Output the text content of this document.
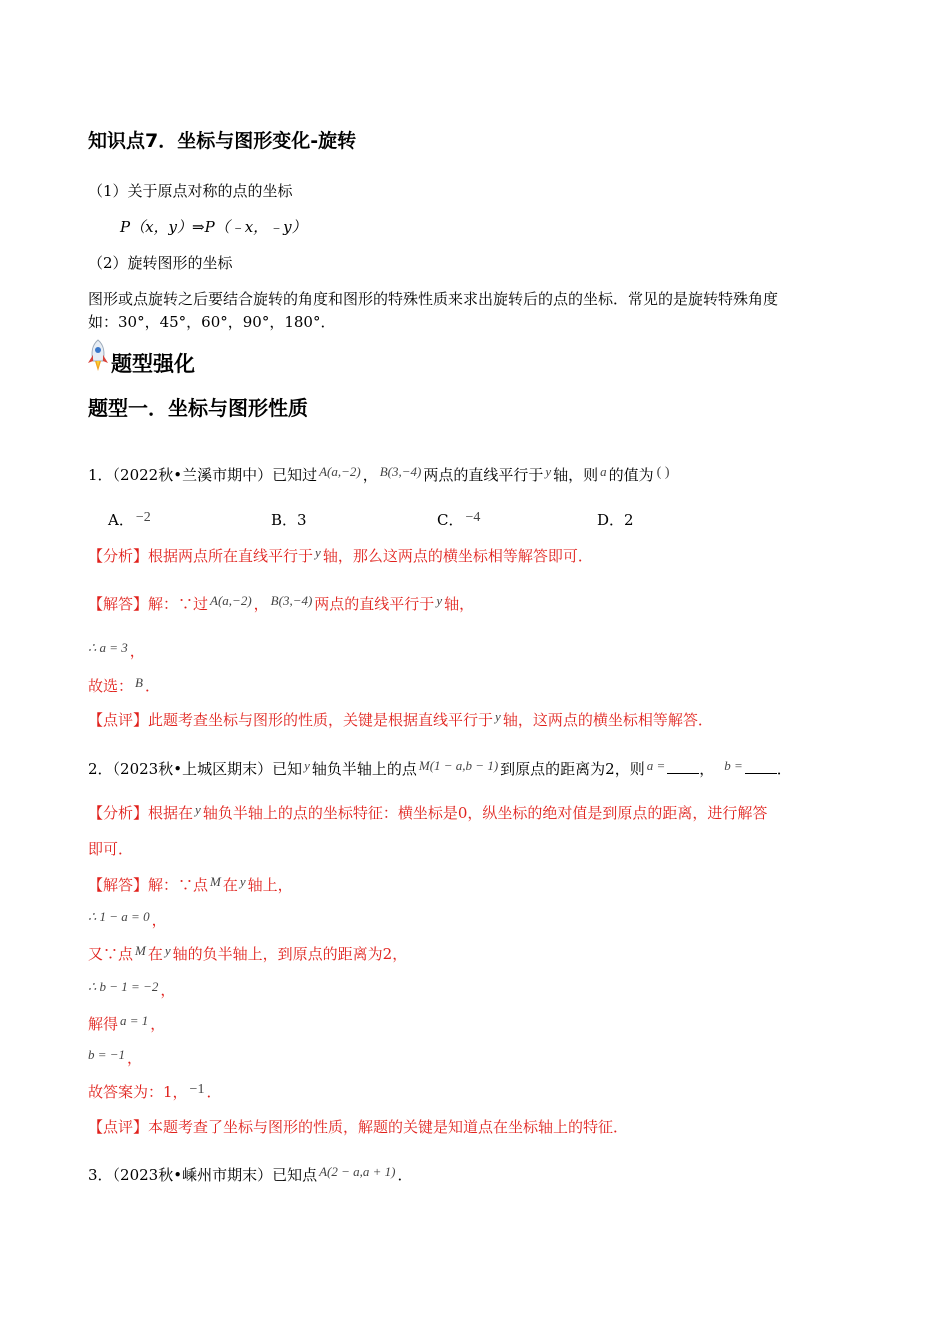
知识点7．坐标与图形变化-旋转
（1）关于原点对称的点的坐标
P（x，y）⇒P（﹣x，﹣y）
（2）旋转图形的坐标
图形或点旋转之后要结合旋转的角度和图形的特殊性质来求出旋转后的点的坐标．常见的是旋转特殊角度
如：30°，45°，60°，90°，180°．
题型强化
题型一．坐标与图形性质
1．（2022秋•兰溪市期中）已知过 A(a,−2) ， B(3,−4) 两点的直线平行于 y 轴，则 a 的值为 ( )
A． −2	B．3	C． −4	D．2
【分析】根据两点所在直线平行于 y 轴，那么这两点的横坐标相等解答即可．
【解答】解：∵过 A(a,−2) ， B(3,−4) 两点的直线平行于 y 轴，
∴ a = 3 ，
故选： B ．
【点评】此题考查坐标与图形的性质，关键是根据直线平行于 y 轴，这两点的横坐标相等解答．
2．（2023秋•上城区期末）已知 y 轴负半轴上的点 M(1 − a,b − 1) 到原点的距离为2，则 a = ， b = ．
【分析】根据在 y 轴负半轴上的点的坐标特征：横坐标是0，纵坐标的绝对值是到原点的距离，进行解答
即可．
【解答】解：∵点 M 在 y 轴上，
∴ 1 − a = 0 ，
又∵点 M 在 y 轴的负半轴上，到原点的距离为2，
∴ b − 1 = −2 ，
解得 a = 1 ，
b = −1 ，
故答案为：1， −1 ．
【点评】本题考查了坐标与图形的性质，解题的关键是知道点在坐标轴上的特征．
3．（2023秋•嵊州市期末）已知点 A(2 − a,a + 1) ．
